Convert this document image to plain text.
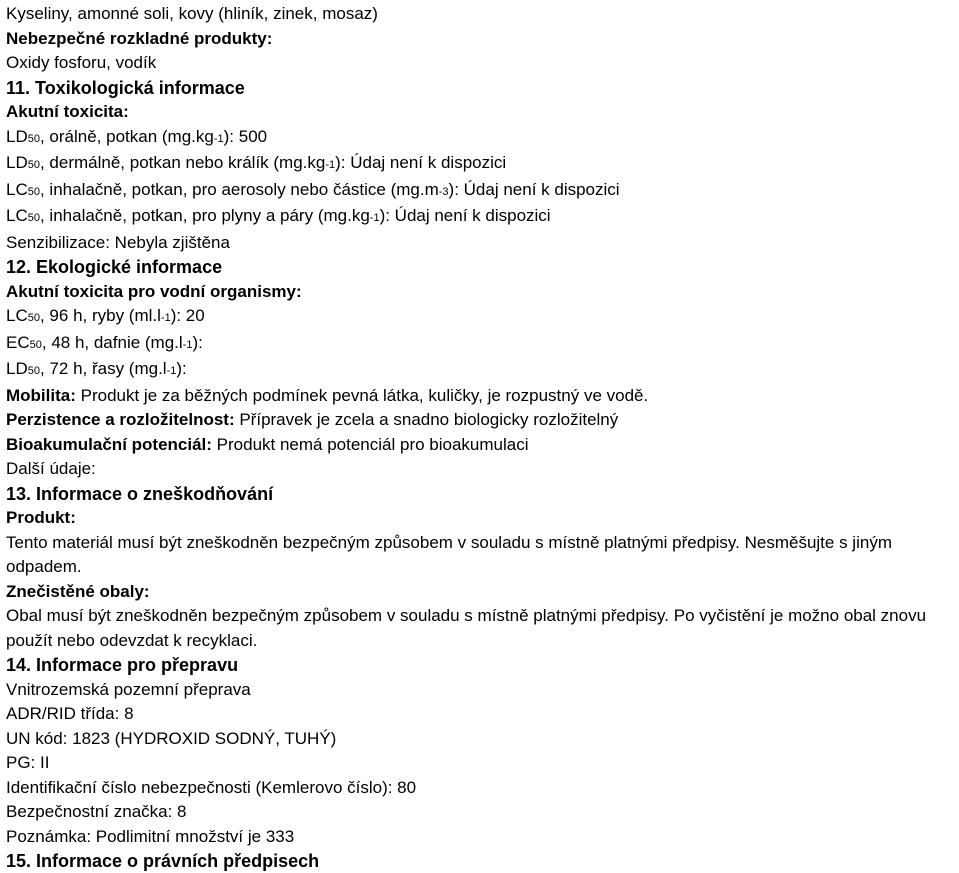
Kyseliny, amonné soli, kovy (hliník, zinek, mosaz)
Nebezpečné rozkladné produkty:
Oxidy fosforu, vodík
11. Toxikologická informace
Akutní toxicita:
LD50, orálně, potkan (mg.kg-1): 500
LD50, dermálně, potkan nebo králík (mg.kg-1): Údaj není k dispozici
LC50, inhalačně, potkan, pro aerosoly nebo částice (mg.m-3): Údaj není k dispozici
LC50, inhalačně, potkan, pro plyny a páry (mg.kg-1): Údaj není k dispozici
Senzibilizace: Nebyla zjištěna
12. Ekologické informace
Akutní toxicita pro vodní organismy:
LC50, 96 h, ryby (ml.l-1): 20
EC50, 48 h, dafnie (mg.l-1):
LD50, 72 h, řasy (mg.l-1):
Mobilita: Produkt je za běžných podmínek pevná látka, kuličky, je rozpustný ve vodě.
Perzistence a rozložitelnost: Přípravek je zcela a snadno biologicky rozložitelný
Bioakumulační potenciál: Produkt nemá potenciál pro bioakumulaci
Další údaje:
13. Informace o zneškodňování
Produkt:
Tento materiál musí být zneškodněn bezpečným způsobem v souladu s místně platnými předpisy. Nesměšujte s jiným odpadem.
Znečistěné obaly:
Obal musí být zneškodněn bezpečným způsobem v souladu s místně platnými předpisy. Po vyčistění je možno obal znovu použít nebo odevzdat k recyklaci.
14. Informace pro přepravu
Vnitrozemská pozemní přeprava
ADR/RID třída: 8
UN kód: 1823 (HYDROXID SODNÝ, TUHÝ)
PG: II
Identifikační číslo nebezpečnosti (Kemlerovo číslo): 80
Bezpečnostní značka: 8
Poznámka: Podlimitní množství je 333
15. Informace o právních předpisech
